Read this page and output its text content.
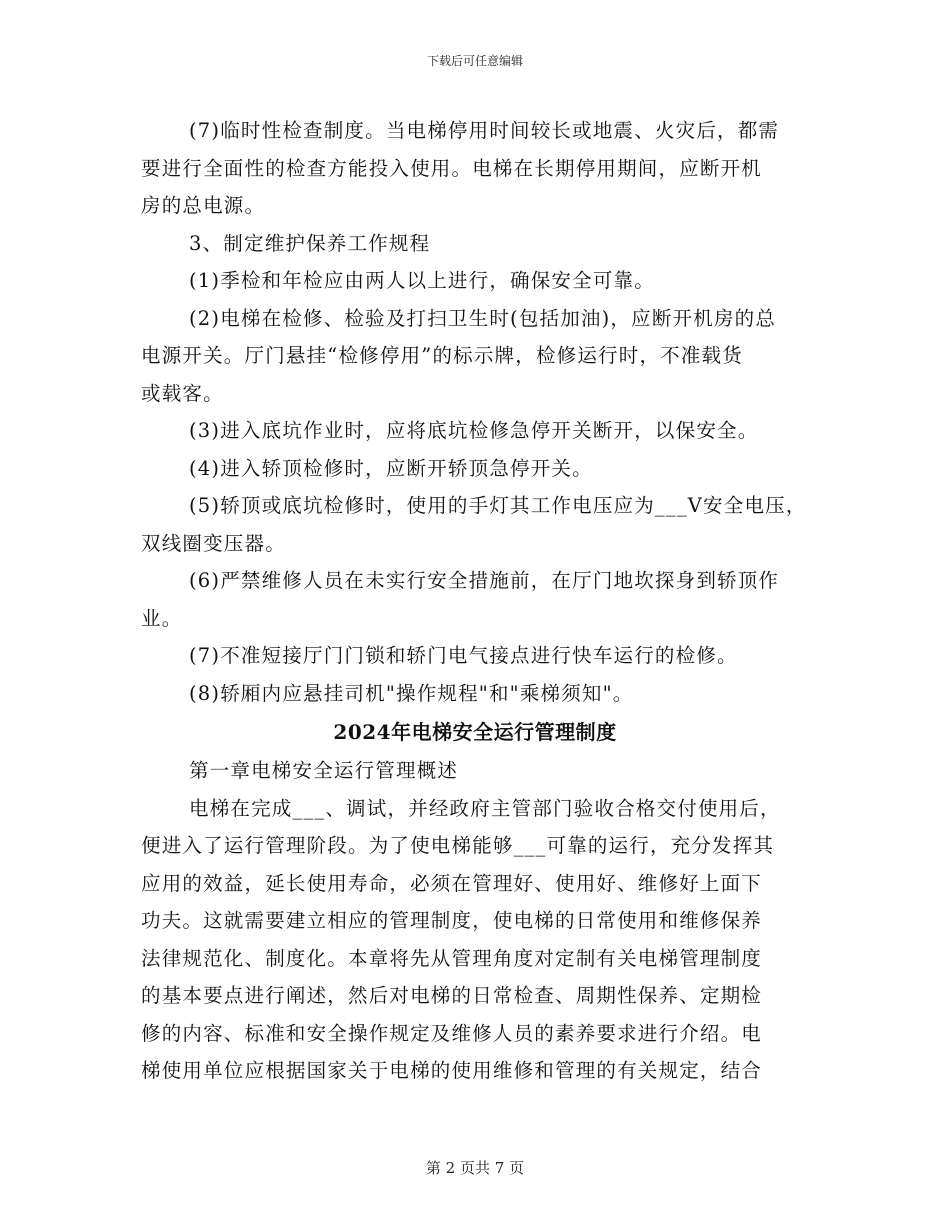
下载后可任意编辑

(7)临时性检查制度。当电梯停用时间较长或地震、火灾后，都需

要进行全面性的检查方能投入使用。电梯在长期停用期间，应断开机

房的总电源。

3、制定维护保养工作规程

(1)季检和年检应由两人以上进行，确保安全可靠。

(2)电梯在检修、检验及打扫卫生时(包括加油)，应断开机房的总

电源开关。厅门悬挂“检修停用”的标示牌，检修运行时，不准载货

或载客。

(3)进入底坑作业时，应将底坑检修急停开关断开，以保安全。

(4)进入轿顶检修时，应断开轿顶急停开关。

(5)轿顶或底坑检修时，使用的手灯其工作电压应为___V安全电压，

双线圈变压器。

(6)严禁维修人员在未实行安全措施前，在厅门地坎探身到轿顶作

业。

(7)不准短接厅门门锁和轿门电气接点进行快车运行的检修。

(8)轿厢内应悬挂司机"操作规程"和"乘梯须知"。

2024年电梯安全运行管理制度

第一章电梯安全运行管理概述

电梯在完成___、调试，并经政府主管部门验收合格交付使用后，

便进入了运行管理阶段。为了使电梯能够___可靠的运行，充分发挥其

应用的效益，延长使用寿命，必须在管理好、使用好、维修好上面下

功夫。这就需要建立相应的管理制度，使电梯的日常使用和维修保养

法律规范化、制度化。本章将先从管理角度对定制有关电梯管理制度

的基本要点进行阐述，然后对电梯的日常检查、周期性保养、定期检

修的内容、标准和安全操作规定及维修人员的素养要求进行介绍。电

梯使用单位应根据国家关于电梯的使用维修和管理的有关规定，结合

第 2 页共 7 页
